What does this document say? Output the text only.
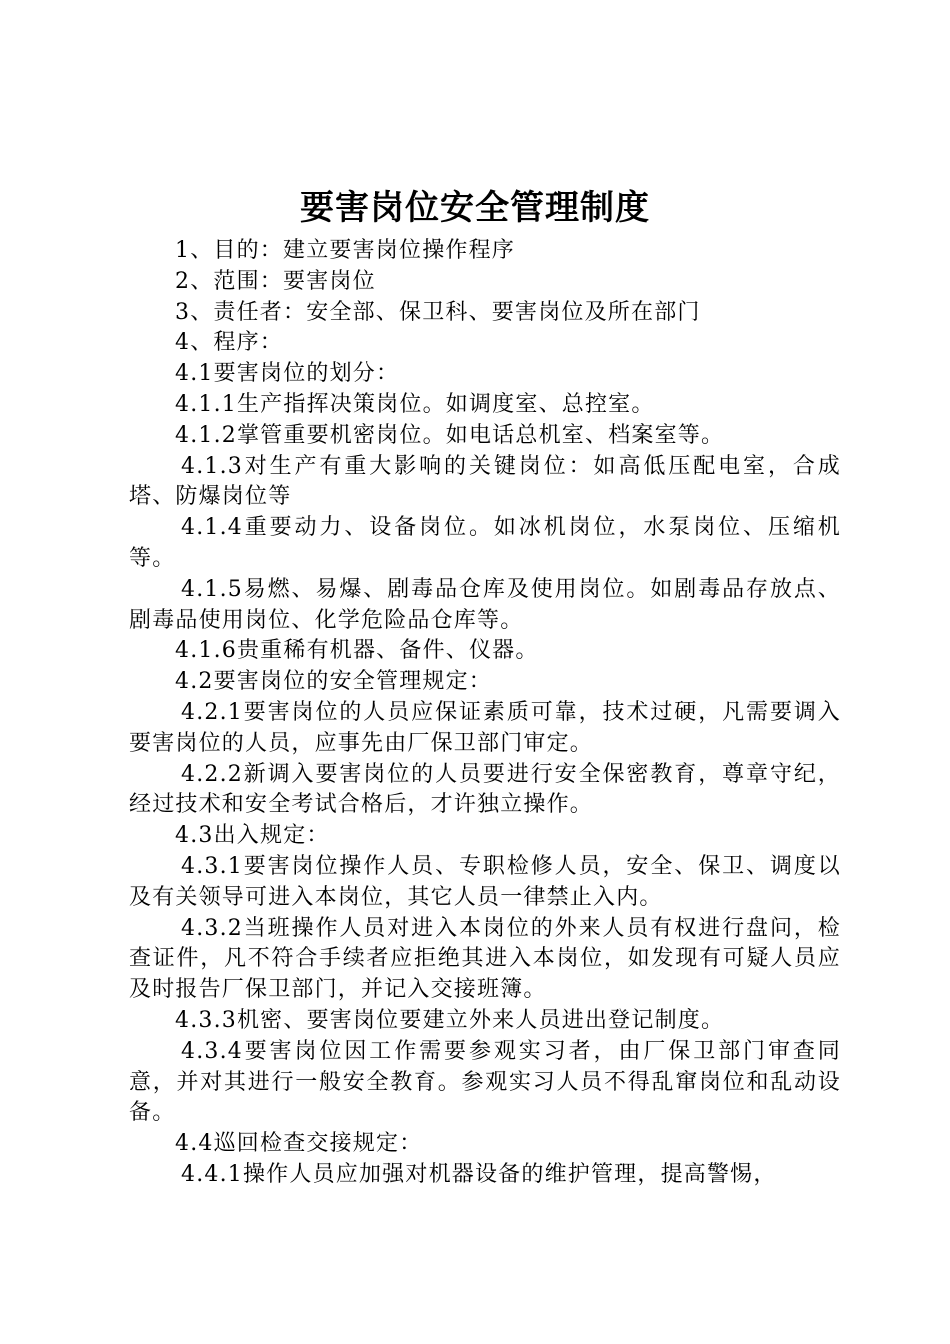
要害岗位安全管理制度

1、目的：建立要害岗位操作程序

2、范围：要害岗位

3、责任者：安全部、保卫科、要害岗位及所在部门

4、程序：

4.1要害岗位的划分：

4.1.1生产指挥决策岗位。如调度室、总控室。

4.1.2掌管重要机密岗位。如电话总机室、档案室等。

4.1.3对生产有重大影响的关键岗位：如高低压配电室，合成塔、防爆岗位等

4.1.4重要动力、设备岗位。如冰机岗位，水泵岗位、压缩机等。

4.1.5易燃、易爆、剧毒品仓库及使用岗位。如剧毒品存放点、剧毒品使用岗位、化学危险品仓库等。

4.1.6贵重稀有机器、备件、仪器。

4.2要害岗位的安全管理规定：

4.2.1要害岗位的人员应保证素质可靠，技术过硬，凡需要调入要害岗位的人员，应事先由厂保卫部门审定。

4.2.2新调入要害岗位的人员要进行安全保密教育，尊章守纪，经过技术和安全考试合格后，才许独立操作。

4.3出入规定：

4.3.1要害岗位操作人员、专职检修人员，安全、保卫、调度以及有关领导可进入本岗位，其它人员一律禁止入内。

4.3.2当班操作人员对进入本岗位的外来人员有权进行盘问，检查证件，凡不符合手续者应拒绝其进入本岗位，如发现有可疑人员应及时报告厂保卫部门，并记入交接班簿。

4.3.3机密、要害岗位要建立外来人员进出登记制度。

4.3.4要害岗位因工作需要参观实习者，由厂保卫部门审查同意，并对其进行一般安全教育。参观实习人员不得乱窜岗位和乱动设备。

4.4巡回检查交接规定：

4.4.1操作人员应加强对机器设备的维护管理，提高警惕，
